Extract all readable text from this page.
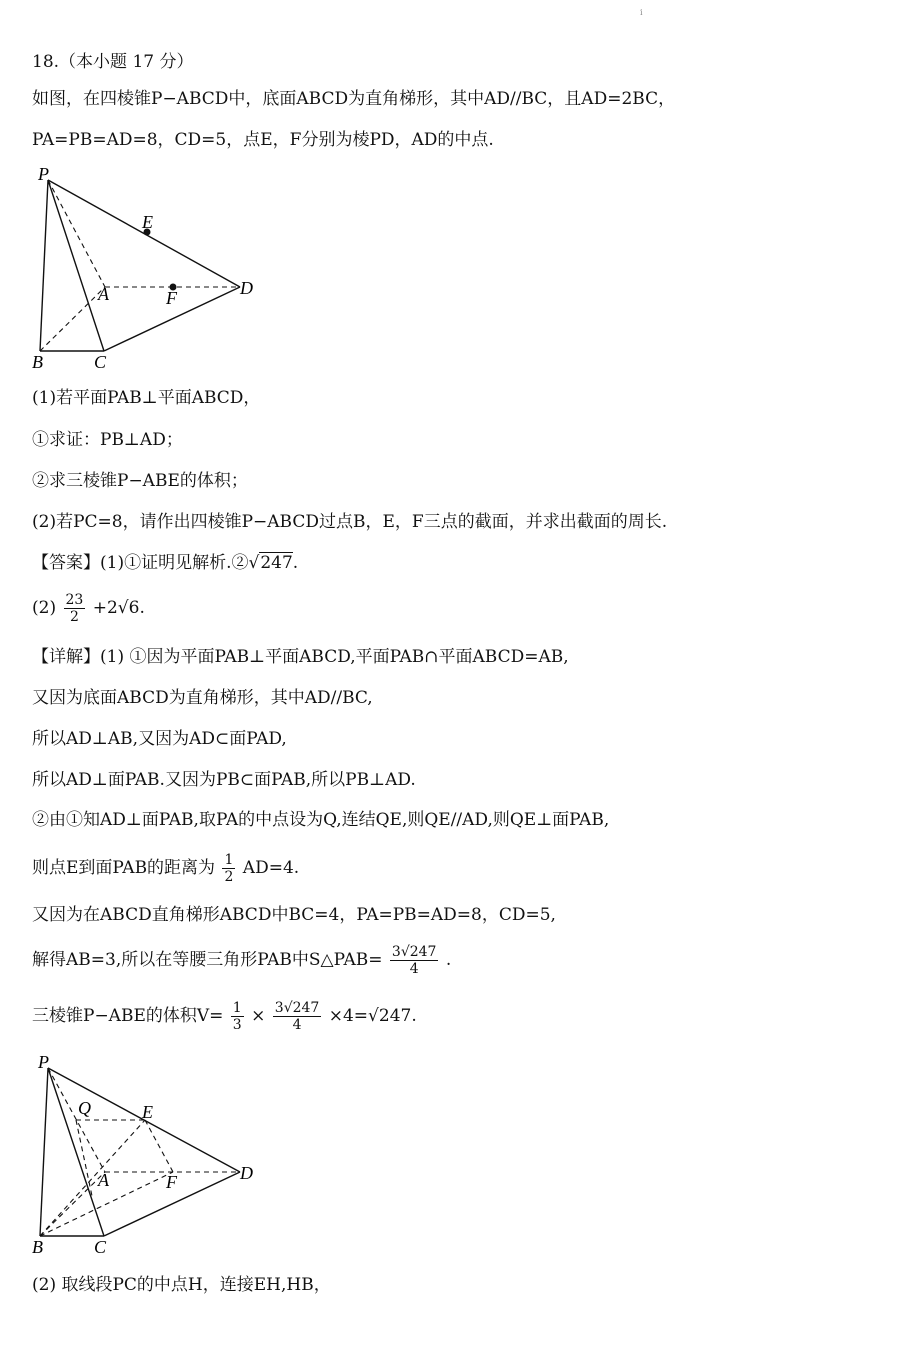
ⅰ
18.（本小题 17 分）
如图，在四棱锥P−ABCD中，底面ABCD为直角梯形，其中AD//BC，且AD=2BC，
PA=PB=AD=8，CD=5，点E，F分别为棱PD，AD的中点.
P
E
A	F	D
B	C
(1)若平面PAB⊥平面ABCD，
①求证：PB⊥AD；
②求三棱锥P−ABE的体积；
(2)若PC=8，请作出四棱锥P−ABCD过点B，E，F三点的截面，并求出截面的周长.
【答案】(1)①证明见解析.②√247.
$(2) \frac{23}{2} +2√6$.
【详解】(1) ①因为平面PAB⊥平面ABCD,平面PAB∩平面ABCD=AB,
又因为底面ABCD为直角梯形，其中AD//BC,
所以AD⊥AB,又因为AD⊂面PAD,
所以AD⊥面PAB.又因为PB⊂面PAB,所以PB⊥AD.
②由①知AD⊥面PAB,取PA的中点设为Q,连结QE,则QE//AD,则QE⊥面PAB,
则点E到面PAB的距离为 $\frac{1}{2} AD=4$.
又因为在ABCD直角梯形ABCD中BC=4，PA=PB=AD=8，CD=5,
解得AB=3,所以在等腰三角形PAB中S△PAB= $\frac{3√247}{4}$ .
三棱锥P−ABE的体积$V= \frac{1}{3} \times \frac{3√247}{4} \times 4=√247$.
P
Q	E
A	F	D
B	C
(2) 取线段PC的中点H，连接EH,HB，
